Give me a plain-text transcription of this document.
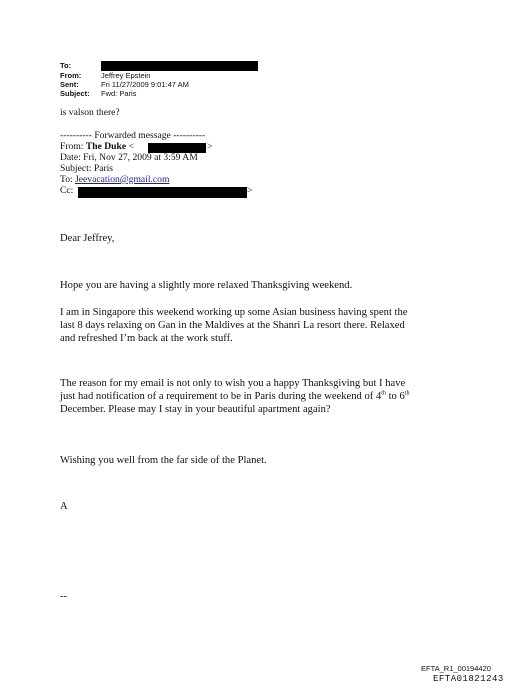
To:
From:	Jeffrey Epstein
Sent:	Fri 11/27/2009 9:01:47 AM
Subject: Fwd: Paris
is valson there?
---------- Forwarded message ----------
From: The Duke <	>
Date: Fri, Nov 27, 2009 at 3:59 AM
Subject: Paris
To: Jeevacation@gmail.com
Cc:	>
Dear Jeffrey,
Hope you are having a slightly more relaxed Thanksgiving weekend.
I am in Singapore this weekend working up some Asian business having spent the
last 8 days relaxing on Gan in the Maldives at the Shanri La resort there. Relaxed
and refreshed I’m back at the work stuff.
The reason for my email is not only to wish you a happy Thanksgiving but I have
just had notification of a requirement to be in Paris during the weekend of 4th to 6th
December. Please may I stay in your beautiful apartment again?
Wishing you well from the far side of the Planet.
A
--
EFTA_R1_00194420
EFTA01821243
